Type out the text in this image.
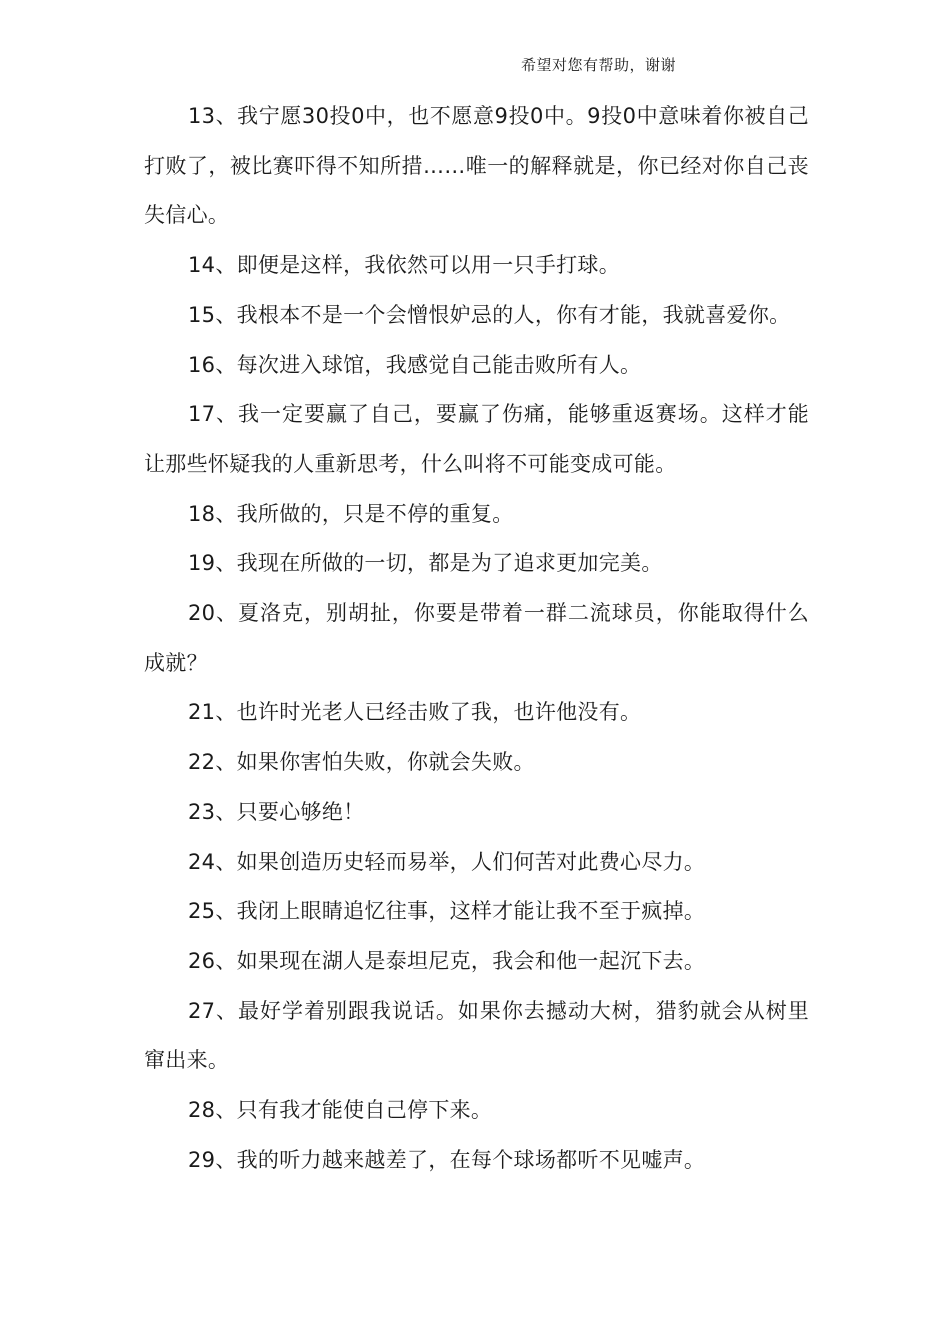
希望对您有帮助，谢谢

13、我宁愿30投0中，也不愿意9投0中。9投0中意味着你被自己打败了，被比赛吓得不知所措……唯一的解释就是，你已经对你自己丧失信心。

14、即便是这样，我依然可以用一只手打球。

15、我根本不是一个会憎恨妒忌的人，你有才能，我就喜爱你。

16、每次进入球馆，我感觉自己能击败所有人。

17、我一定要赢了自己，要赢了伤痛，能够重返赛场。这样才能让那些怀疑我的人重新思考，什么叫将不可能变成可能。

18、我所做的，只是不停的重复。

19、我现在所做的一切，都是为了追求更加完美。

20、夏洛克，别胡扯，你要是带着一群二流球员，你能取得什么成就？

21、也许时光老人已经击败了我，也许他没有。

22、如果你害怕失败，你就会失败。

23、只要心够绝！

24、如果创造历史轻而易举，人们何苦对此费心尽力。

25、我闭上眼睛追忆往事，这样才能让我不至于疯掉。

26、如果现在湖人是泰坦尼克，我会和他一起沉下去。

27、最好学着别跟我说话。如果你去撼动大树，猎豹就会从树里窜出来。

28、只有我才能使自己停下来。

29、我的听力越来越差了，在每个球场都听不见嘘声。
